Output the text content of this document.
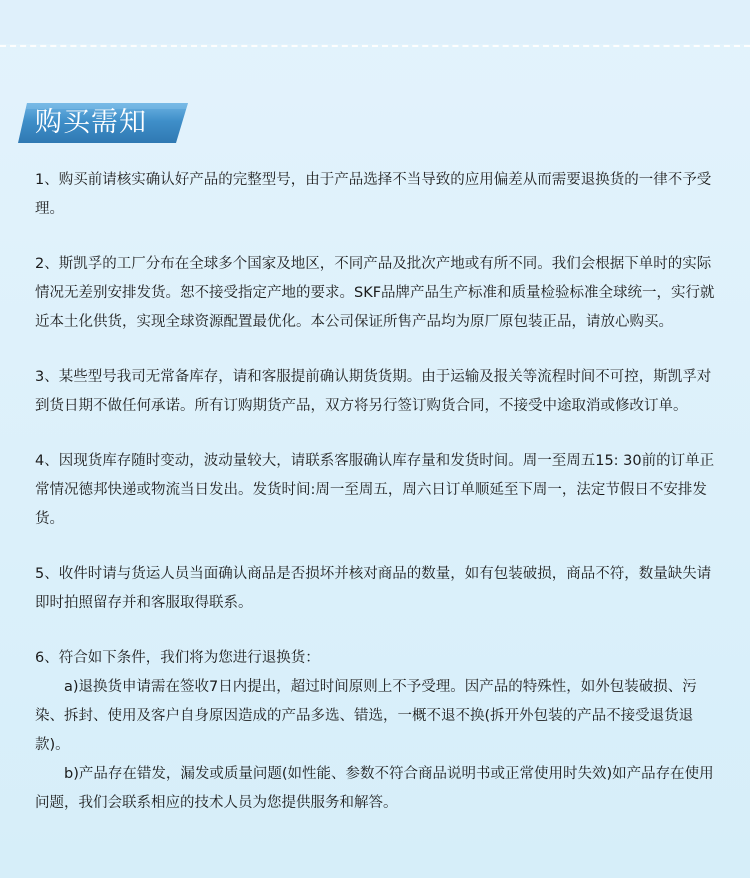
购买需知

1、购买前请核实确认好产品的完整型号，由于产品选择不当导致的应用偏差从而需要退换货的一律不予受理。

2、斯凯孚的工厂分布在全球多个国家及地区，不同产品及批次产地或有所不同。我们会根据下单时的实际情况无差别安排发货。恕不接受指定产地的要求。SKF品牌产品生产标准和质量检验标准全球统一，实行就近本土化供货，实现全球资源配置最优化。本公司保证所售产品均为原厂原包装正品，请放心购买。

3、某些型号我司无常备库存，请和客服提前确认期货货期。由于运输及报关等流程时间不可控，斯凯孚对到货日期不做任何承诺。所有订购期货产品，双方将另行签订购货合同，不接受中途取消或修改订单。

4、因现货库存随时变动，波动量较大，请联系客服确认库存量和发货时间。周一至周五15: 30前的订单正常情况德邦快递或物流当日发出。发货时间:周一至周五，周六日订单顺延至下周一，法定节假日不安排发货。

5、收件时请与货运人员当面确认商品是否损坏并核对商品的数量，如有包装破损，商品不符，数量缺失请即时拍照留存并和客服取得联系。

6、符合如下条件，我们将为您进行退换货：

a)退换货申请需在签收7日内提出，超过时间原则上不予受理。因产品的特殊性，如外包装破损、污染、拆封、使用及客户自身原因造成的产品多选、错选，一概不退不换(拆开外包装的产品不接受退货退款)。

b)产品存在错发，漏发或质量问题(如性能、参数不符合商品说明书或正常使用时失效)如产品存在使用问题，我们会联系相应的技术人员为您提供服务和解答。
